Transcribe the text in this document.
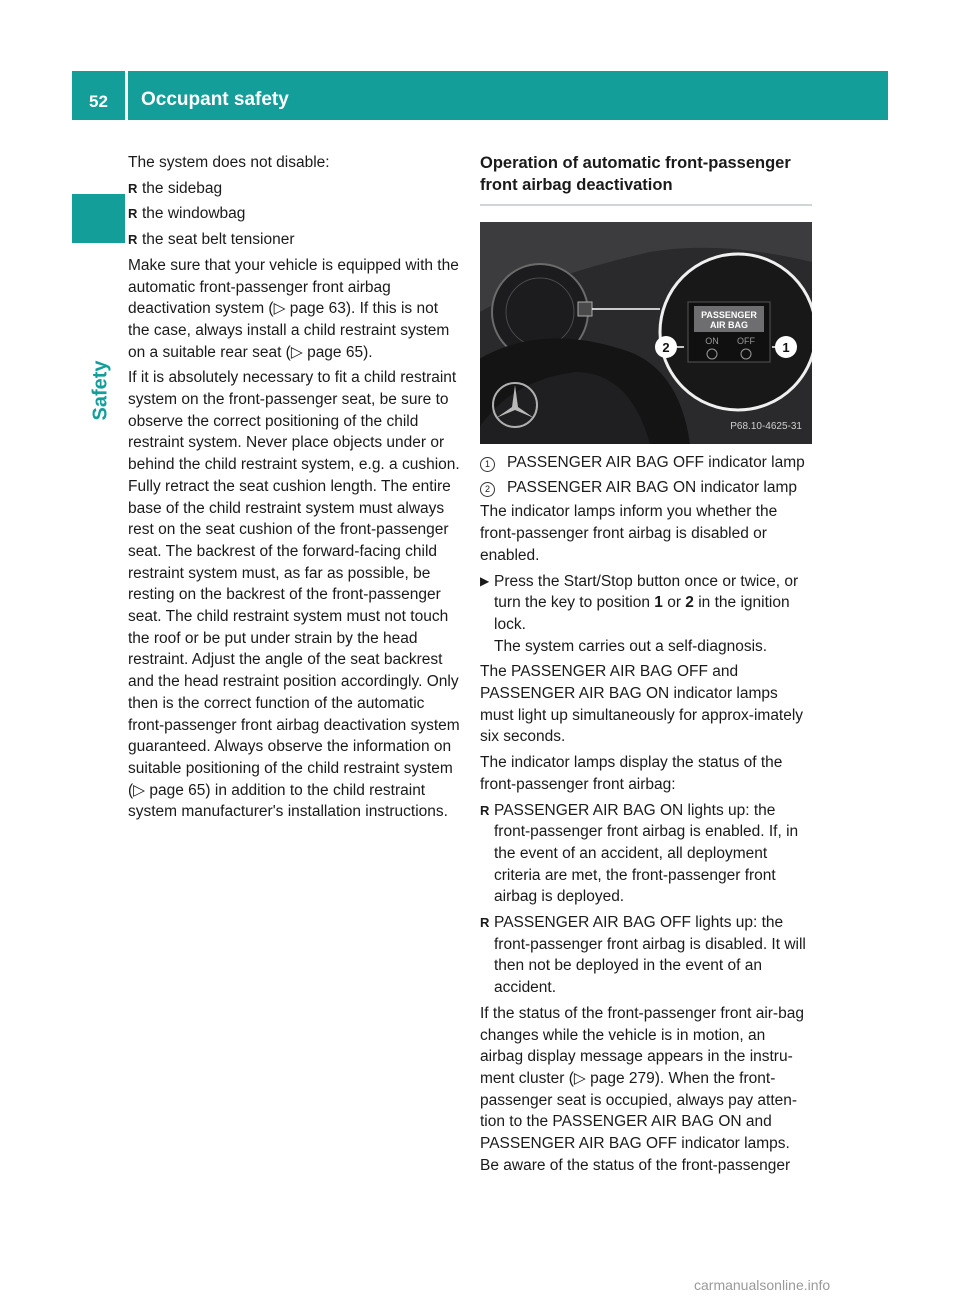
52	Occupant safety
Safety

The system does not disable:

R the sidebag
R the windowbag
R the seat belt tensioner

Make sure that your vehicle is equipped with the automatic front-passenger front airbag deactivation system (▷ page 63). If this is not the case, always install a child restraint system on a suitable rear seat (▷ page 65).

If it is absolutely necessary to fit a child restraint system on the front-passenger seat, be sure to observe the correct positioning of the child restraint system. Never place objects under or behind the child restraint system, e.g. a cushion. Fully retract the seat cushion length. The entire base of the child restraint system must always rest on the seat cushion of the front-passenger seat. The backrest of the forward-facing child restraint system must, as far as possible, be resting on the backrest of the front-passenger seat. The child restraint system must not touch the roof or be put under strain by the head restraint. Adjust the angle of the seat backrest and the head restraint position accordingly. Only then is the correct function of the automatic front-passenger front airbag deactivation system guaranteed. Always observe the information on suitable positioning of the child restraint system (▷ page 65) in addition to the child restraint system manufacturer's installation instructions.

Operation of automatic front-passenger front airbag deactivation
PASSENGER
AIR BAG
ON OFF
2	1
P68.10-4625-31
1	PASSENGER AIR BAG OFF indicator lamp
2	PASSENGER AIR BAG ON indicator lamp

The indicator lamps inform you whether the front-passenger front airbag is disabled or enabled.

▶ Press the Start/Stop button once or twice, or turn the key to position 1 or 2 in the ignition lock.
The system carries out a self-diagnosis.

The PASSENGER AIR BAG OFF and PASSENGER AIR BAG ON indicator lamps must light up simultaneously for approx-imately six seconds.

The indicator lamps display the status of the front-passenger front airbag:

R PASSENGER AIR BAG ON lights up: the front-passenger front airbag is enabled. If, in the event of an accident, all deployment criteria are met, the front-passenger front airbag is deployed.
R PASSENGER AIR BAG OFF lights up: the front-passenger front airbag is disabled. It will then not be deployed in the event of an accident.

If the status of the front-passenger front air-bag changes while the vehicle is in motion, an airbag display message appears in the instru-ment cluster (▷ page 279). When the front-passenger seat is occupied, always pay atten-tion to the PASSENGER AIR BAG ON and PASSENGER AIR BAG OFF indicator lamps. Be aware of the status of the front-passenger

carmanualsonline.info
